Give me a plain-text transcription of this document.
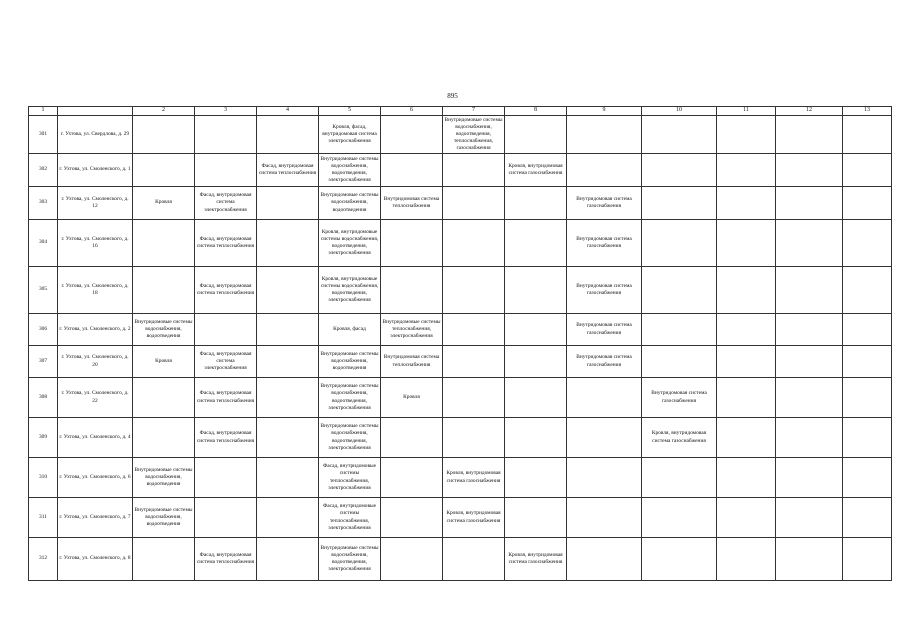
895
1		2	3	4	5	6	7	8	9	10	11	12	13
301	г. Ухтова, ул. Свердлова, д. 29				Кровля, фасад, внутридомовая система электроснабжения		Внутридомовые системы водоснабжения, водоотведения, теплоснабжения, газоснабжения						
302	г. Ухтова, ул. Смоленского, д. 1			Фасад, внутридомовая система теплоснабжения	Внутридомовые системы водоснабжения, водоотведения, электроснабжения			Кровля, внутридомовая система газоснабжения					
303	г. Ухтова, ул. Смоленского, д. 12	Кровля	Фасад, внутридомовая система электроснабжения		Внутридомовые системы водоснабжения, водоотведения	Внутридомовая система теплоснабжения			Внутридомовая система газоснабжения				
304	г. Ухтова, ул. Смоленского, д. 16		Фасад, внутридомовая система теплоснабжения		Кровля, внутридомовые системы водоснабжения, водоотведения, электроснабжения				Внутридомовая система газоснабжения				
305	г. Ухтова, ул. Смоленского, д. 18		Фасад, внутридомовая система теплоснабжения		Кровля, внутридомовые системы водоснабжения, водоотведения, электроснабжения				Внутридомовая система газоснабжения				
306	г. Ухтова, ул. Смоленского, д. 2	Внутридомовые системы водоснабжения, водоотведения			Кровля, фасад	Внутридомовые системы теплоснабжения, электроснабжения			Внутридомовая система газоснабжения				
307	г. Ухтова, ул. Смоленского, д. 20	Кровля	Фасад, внутридомовая система электроснабжения		Внутридомовые системы водоснабжения, водоотведения	Внутридомовая система теплоснабжения			Внутридомовая система газоснабжения				
308	г. Ухтова, ул. Смоленского, д. 22		Фасад, внутридомовая система теплоснабжения		Внутридомовые системы водоснабжения, водоотведения, электроснабжения	Кровля				Внутридомовая система газоснабжения			
309	г. Ухтова, ул. Смоленского, д. 4		Фасад, внутридомовая система теплоснабжения		Внутридомовые системы водоснабжения, водоотведения, электроснабжения					Кровля, внутридомовая система газоснабжения			
310	г. Ухтова, ул. Смоленского, д. 6	Внутридомовые системы водоснабжения, водоотведения			Фасад, внутридомовые системы теплоснабжения, электроснабжения		Кровля, внутридомовая система газоснабжения						
311	г. Ухтова, ул. Смоленского, д. 7	Внутридомовые системы водоснабжения, водоотведения			Фасад, внутридомовые системы теплоснабжения, электроснабжения		Кровля, внутридомовая система газоснабжения						
312	г. Ухтова, ул. Смоленского, д. 8		Фасад, внутридомовая система теплоснабжения		Внутридомовые системы водоснабжения, водоотведения, электроснабжения			Кровля, внутридомовая система газоснабжения					
